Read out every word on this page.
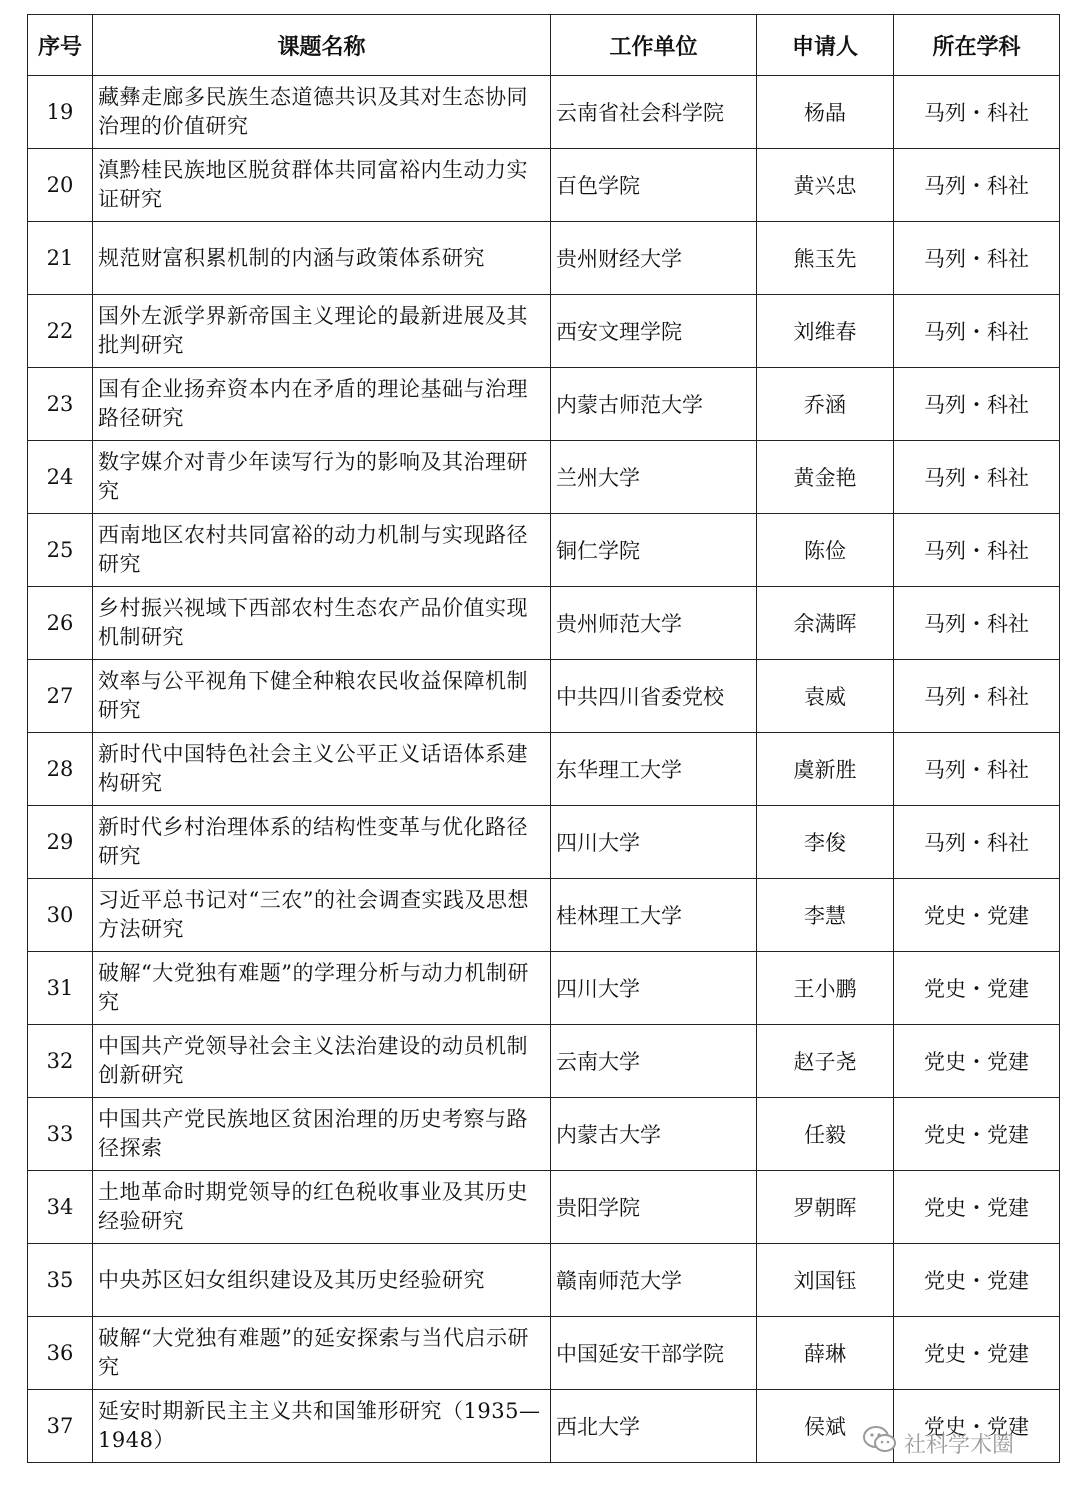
序号	课题名称	工作单位	申请人	所在学科
19	藏彝走廊多民族生态道德共识及其对生态协同治理的价值研究	云南省社会科学院	杨晶	马列・科社
20	滇黔桂民族地区脱贫群体共同富裕内生动力实证研究	百色学院	黄兴忠	马列・科社
21	规范财富积累机制的内涵与政策体系研究	贵州财经大学	熊玉先	马列・科社
22	国外左派学界新帝国主义理论的最新进展及其批判研究	西安文理学院	刘维春	马列・科社
23	国有企业扬弃资本内在矛盾的理论基础与治理路径研究	内蒙古师范大学	乔涵	马列・科社
24	数字媒介对青少年读写行为的影响及其治理研究	兰州大学	黄金艳	马列・科社
25	西南地区农村共同富裕的动力机制与实现路径研究	铜仁学院	陈俭	马列・科社
26	乡村振兴视域下西部农村生态农产品价值实现机制研究	贵州师范大学	余满晖	马列・科社
27	效率与公平视角下健全种粮农民收益保障机制研究	中共四川省委党校	袁威	马列・科社
28	新时代中国特色社会主义公平正义话语体系建构研究	东华理工大学	虞新胜	马列・科社
29	新时代乡村治理体系的结构性变革与优化路径研究	四川大学	李俊	马列・科社
30	习近平总书记对“三农”的社会调查实践及思想方法研究	桂林理工大学	李慧	党史・党建
31	破解“大党独有难题”的学理分析与动力机制研究	四川大学	王小鹏	党史・党建
32	中国共产党领导社会主义法治建设的动员机制创新研究	云南大学	赵子尧	党史・党建
33	中国共产党民族地区贫困治理的历史考察与路径探索	内蒙古大学	任毅	党史・党建
34	土地革命时期党领导的红色税收事业及其历史经验研究	贵阳学院	罗朝晖	党史・党建
35	中央苏区妇女组织建设及其历史经验研究	赣南师范大学	刘国钰	党史・党建
36	破解“大党独有难题”的延安探索与当代启示研究	中国延安干部学院	薛琳	党史・党建
37	延安时期新民主主义共和国雏形研究（1935—1948）	西北大学	侯斌	党史・党建
社科学术圈
